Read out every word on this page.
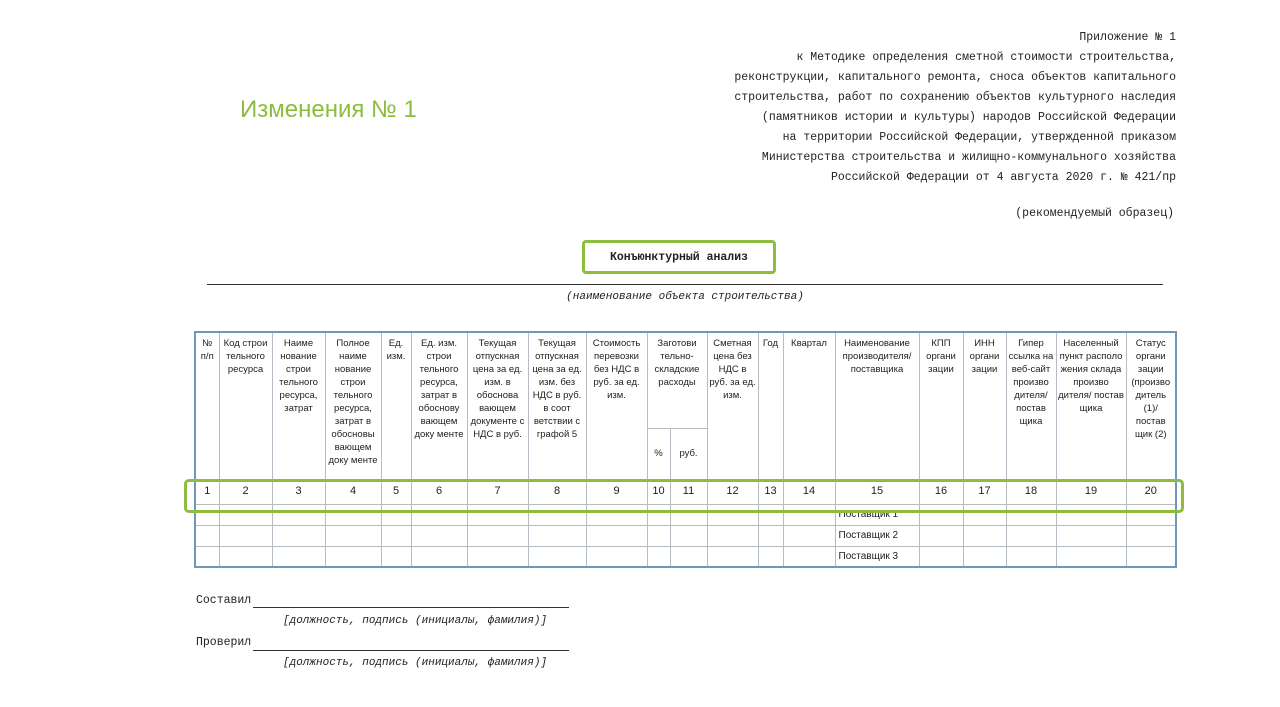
Изменения № 1
Приложение № 1
к Методике определения сметной стоимости строительства,
реконструкции, капитального ремонта, сноса объектов капитального
строительства, работ по сохранению объектов культурного наследия
(памятников истории и культуры) народов Российской Федерации
на территории Российской Федерации, утвержденной приказом
Министерства строительства и жилищно-коммунального хозяйства
Российской Федерации от 4 августа 2020 г. № 421/пр
(рекомендуемый образец)
Конъюнктурный анализ
(наименование объекта строительства)
№ п/п	Код строи тельного ресурса	Наиме нование строи тельного ресурса, затрат	Полное наиме нование строи тельного ресурса, затрат в обосновы вающем доку менте	Ед. изм.	Ед. изм. строи тельного ресурса, затрат в обоснову вающем доку менте	Текущая отпускная цена за ед. изм. в обоснова вающем документе с НДС в руб.	Текущая отпускная цена за ед. изм. без НДС в руб. в соот ветствии с графой 5	Стоимость перевозки без НДС в руб. за ед. изм.	Заготови тельно-складские расходы		Сметная цена без НДС в руб. за ед. изм.	Год	Квартал	Наименование производителя/ поставщика	КПП органи зации	ИНН органи зации	Гипер ссылка на веб-сайт произво дителя/ постав щика	Населенный пункт располо жения склада произво дителя/ постав щика	Статус органи зации (произво дитель (1)/ постав щик (2)
									%	руб.									
1	2	3	4	5	6	7	8	9	10	11	12	13	14	15	16	17	18	19	20
														Поставщик 1					
														Поставщик 2					
														Поставщик 3					
Составил
[должность, подпись (инициалы, фамилия)]
Проверил
[должность, подпись (инициалы, фамилия)]
